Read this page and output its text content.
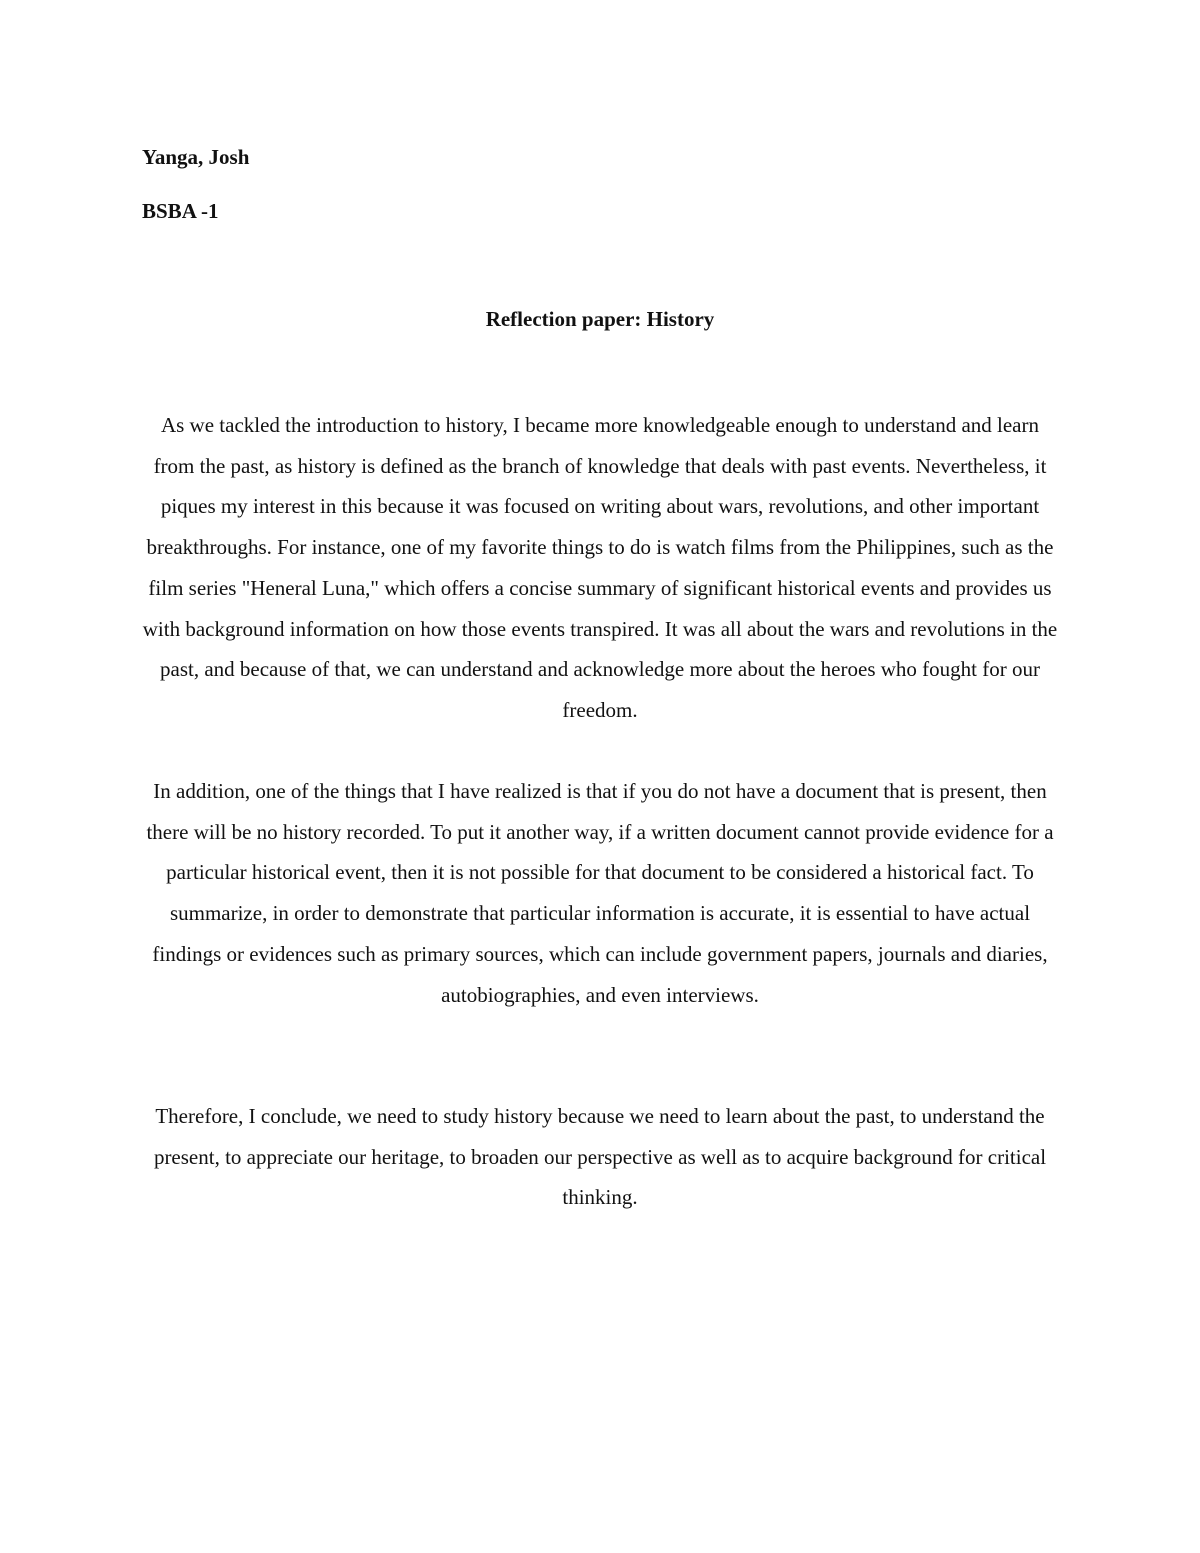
Yanga, Josh

BSBA -1

Reflection paper: History

As we tackled the introduction to history, I became more knowledgeable enough to understand and learn from the past, as history is defined as the branch of knowledge that deals with past events. Nevertheless, it piques my interest in this because it was focused on writing about wars, revolutions, and other important breakthroughs. For instance, one of my favorite things to do is watch films from the Philippines, such as the film series "Heneral Luna," which offers a concise summary of significant historical events and provides us with background information on how those events transpired. It was all about the wars and revolutions in the past, and because of that, we can understand and acknowledge more about the heroes who fought for our freedom.

In addition, one of the things that I have realized is that if you do not have a document that is present, then there will be no history recorded. To put it another way, if a written document cannot provide evidence for a particular historical event, then it is not possible for that document to be considered a historical fact. To summarize, in order to demonstrate that particular information is accurate, it is essential to have actual findings or evidences such as primary sources, which can include government papers, journals and diaries, autobiographies, and even interviews.

Therefore, I conclude, we need to study history because we need to learn about the past, to understand the present, to appreciate our heritage, to broaden our perspective as well as to acquire background for critical thinking.
